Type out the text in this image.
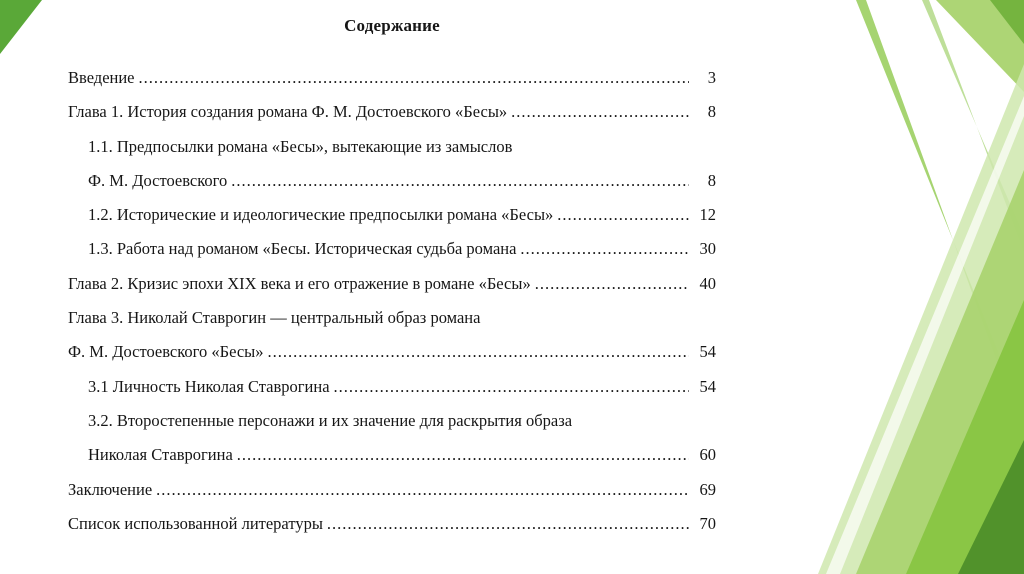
Содержание
Введение .....	3
Глава 1. История создания романа Ф. М. Достоевского «Бесы» .....	8
1.1. Предпосылки романа «Бесы», вытекающие из замыслов
Ф. М. Достоевского .....	8
1.2. Исторические и идеологические предпосылки романа «Бесы» .....	12
1.3. Работа над романом «Бесы. Историческая судьба романа .....	30
Глава 2. Кризис эпохи XIX века и его отражение в романе «Бесы» .....	40
Глава 3. Николай Ставрогин — центральный образ романа
Ф. М. Достоевского «Бесы» .....	54
3.1 Личность Николая Ставрогина .....	54
3.2. Второстепенные персонажи и их значение для раскрытия образа
Николая Ставрогина .....	60
Заключение .....	69
Список использованной литературы .....	70
